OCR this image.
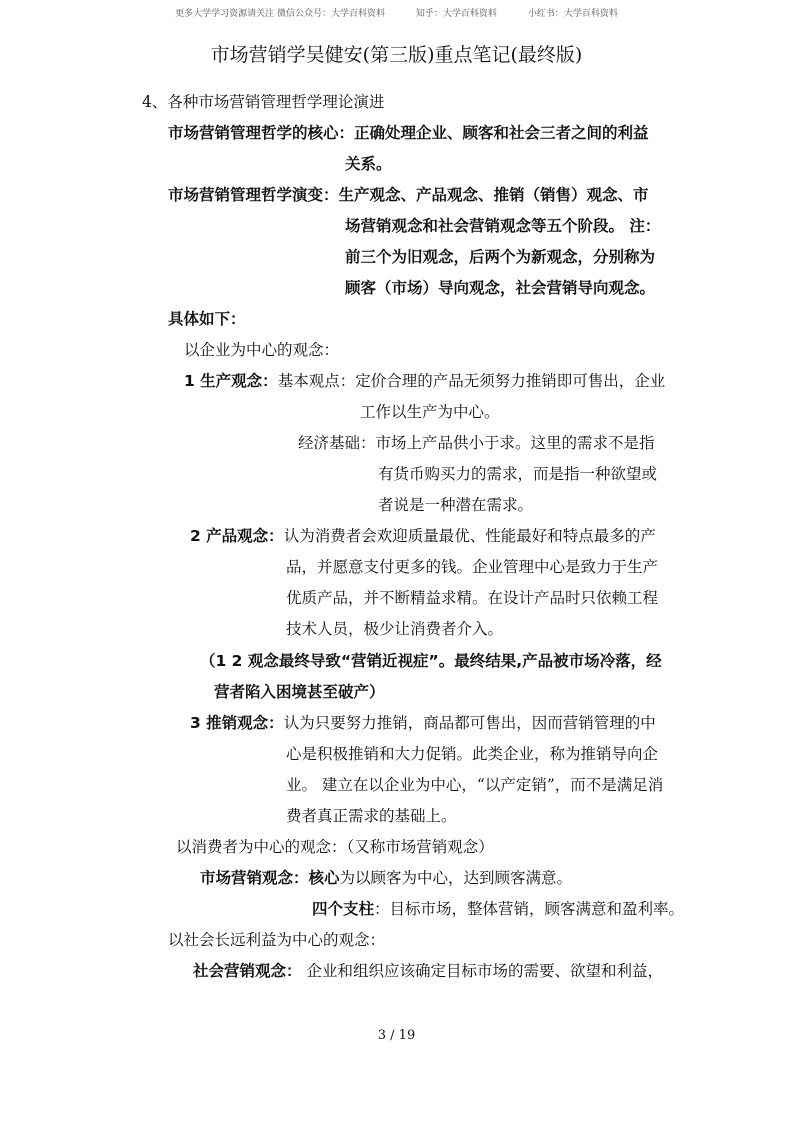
更多大学学习资源请关注 微信公众号：大学百科资料	知乎：大学百科资料	小红书：大学百科资料
市场营销学吴健安(第三版)重点笔记(最终版)
4、各种市场营销管理哲学理论演进
市场营销管理哲学的核心：正确处理企业、顾客和社会三者之间的利益
关系。
市场营销管理哲学演变：生产观念、产品观念、推销（销售）观念、市
场营销观念和社会营销观念等五个阶段。 注：
前三个为旧观念，后两个为新观念，分别称为
顾客（市场）导向观念，社会营销导向观念。
具体如下：
以企业为中心的观念：
1 生产观念：基本观点：定价合理的产品无须努力推销即可售出，企业
工作以生产为中心。
经济基础：市场上产品供小于求。这里的需求不是指
有货币购买力的需求，而是指一种欲望或
者说是一种潜在需求。
2 产品观念：认为消费者会欢迎质量最优、性能最好和特点最多的产
品，并愿意支付更多的钱。企业管理中心是致力于生产
优质产品，并不断精益求精。在设计产品时只依赖工程
技术人员，极少让消费者介入。
（1 2 观念最终导致“营销近视症”。最终结果,产品被市场冷落，经
营者陷入困境甚至破产）
3 推销观念：认为只要努力推销，商品都可售出，因而营销管理的中
心是积极推销和大力促销。此类企业，称为推销导向企
业。 建立在以企业为中心，“以产定销”，而不是满足消
费者真正需求的基础上。
以消费者为中心的观念：（又称市场营销观念）
市场营销观念：核心为以顾客为中心，达到顾客满意。
四个支柱：目标市场，整体营销，顾客满意和盈利率。
以社会长远利益为中心的观念：
社会营销观念： 企业和组织应该确定目标市场的需要、欲望和利益，
3 / 19
